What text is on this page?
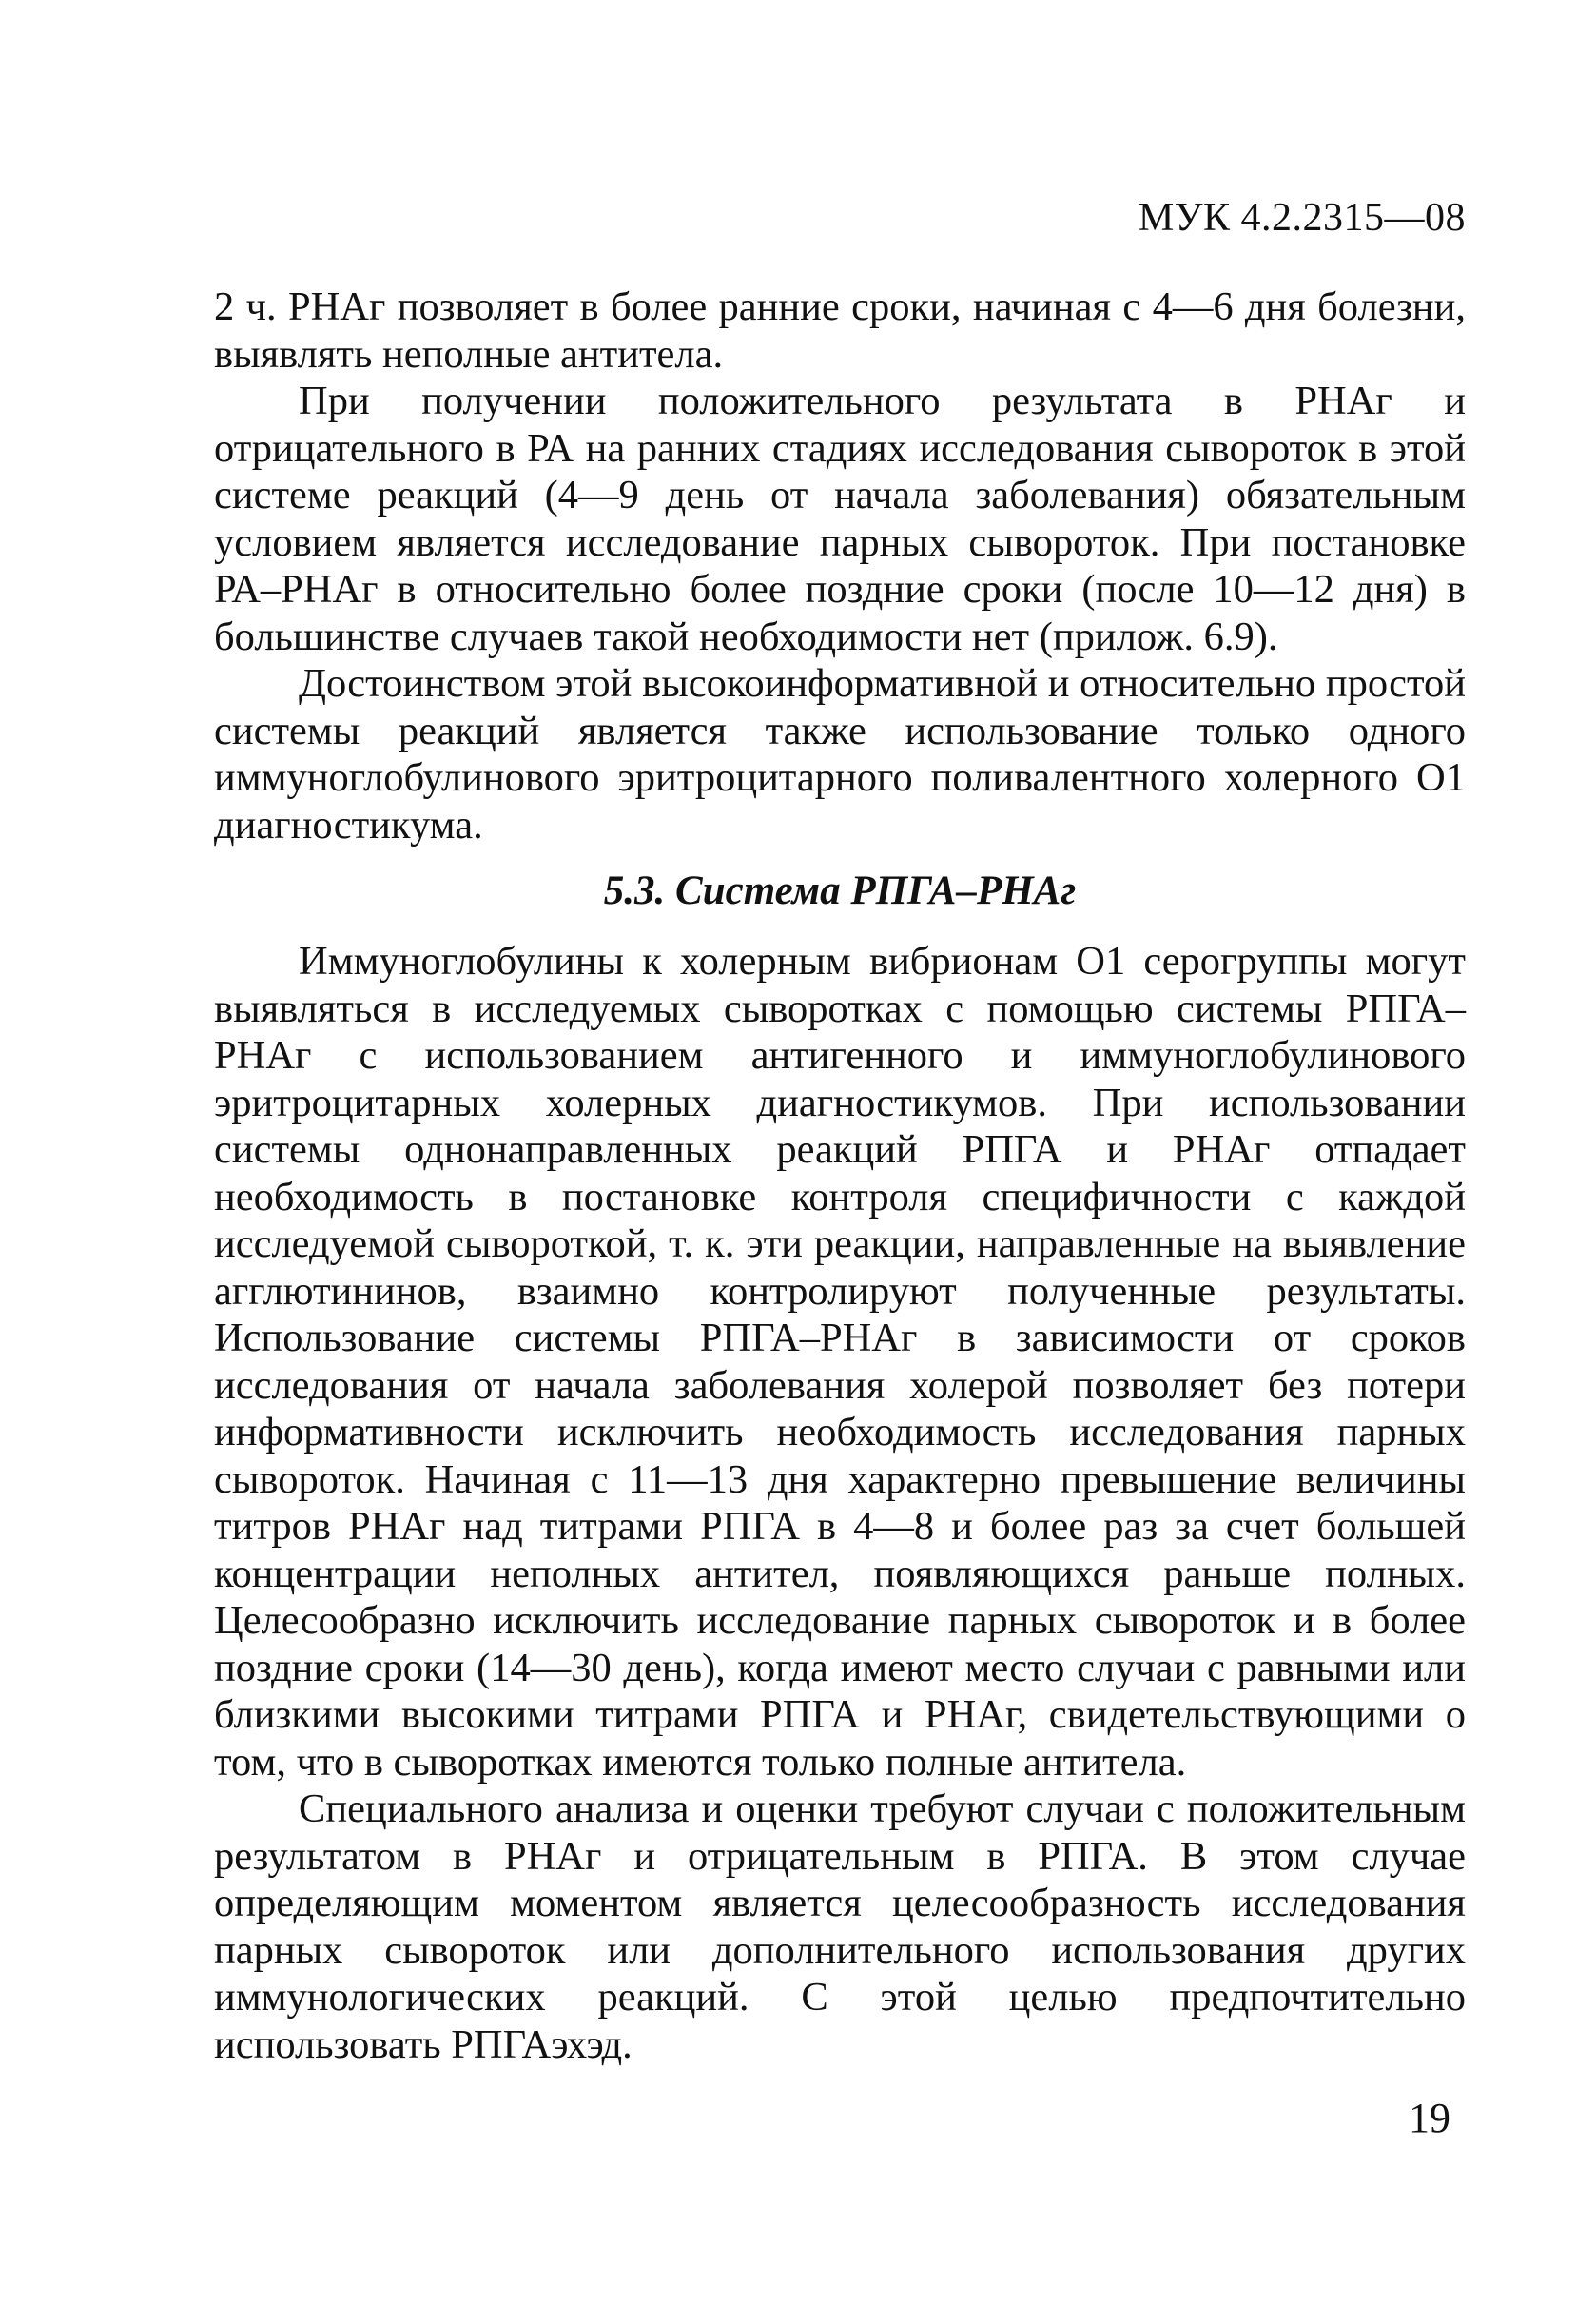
МУК 4.2.2315—08

2 ч. РНАг позволяет в более ранние сроки, начиная с 4—6 дня болезни, выявлять неполные антитела.

При получении положительного результата в РНАг и отрицательного в РА на ранних стадиях исследования сывороток в этой системе реакций (4—9 день от начала заболевания) обязательным условием является исследование парных сывороток. При постановке РА–РНАг в относительно более поздние сроки (после 10—12 дня) в большинстве случаев такой необходимости нет (прилож. 6.9).

Достоинством этой высокоинформативной и относительно простой системы реакций является также использование только одного иммуноглобулинового эритроцитарного поливалентного холерного О1 диагностикума.

5.3. Система РПГА–РНАг

Иммуноглобулины к холерным вибрионам О1 серогруппы могут выявляться в исследуемых сыворотках с помощью системы РПГА–РНАг с использованием антигенного и иммуноглобулинового эритроцитарных холерных диагностикумов. При использовании системы однонаправленных реакций РПГА и РНАг отпадает необходимость в постановке контроля специфичности с каждой исследуемой сывороткой, т. к. эти реакции, направленные на выявление агглютининов, взаимно контролируют полученные результаты. Использование системы РПГА–РНАг в зависимости от сроков исследования от начала заболевания холерой позволяет без потери информативности исключить необходимость исследования парных сывороток. Начиная с 11—13 дня характерно превышение величины титров РНАг над титрами РПГА в 4—8 и более раз за счет большей концентрации неполных антител, появляющихся раньше полных. Целесообразно исключить исследование парных сывороток и в более поздние сроки (14—30 день), когда имеют место случаи с равными или близкими высокими титрами РПГА и РНАг, свидетельствующими о том, что в сыворотках имеются только полные антитела.

Специального анализа и оценки требуют случаи с положительным результатом в РНАг и отрицательным в РПГА. В этом случае определяющим моментом является целесообразность исследования парных сывороток или дополнительного использования других иммунологических реакций. С этой целью предпочтительно использовать РПГАэхэд.

19
